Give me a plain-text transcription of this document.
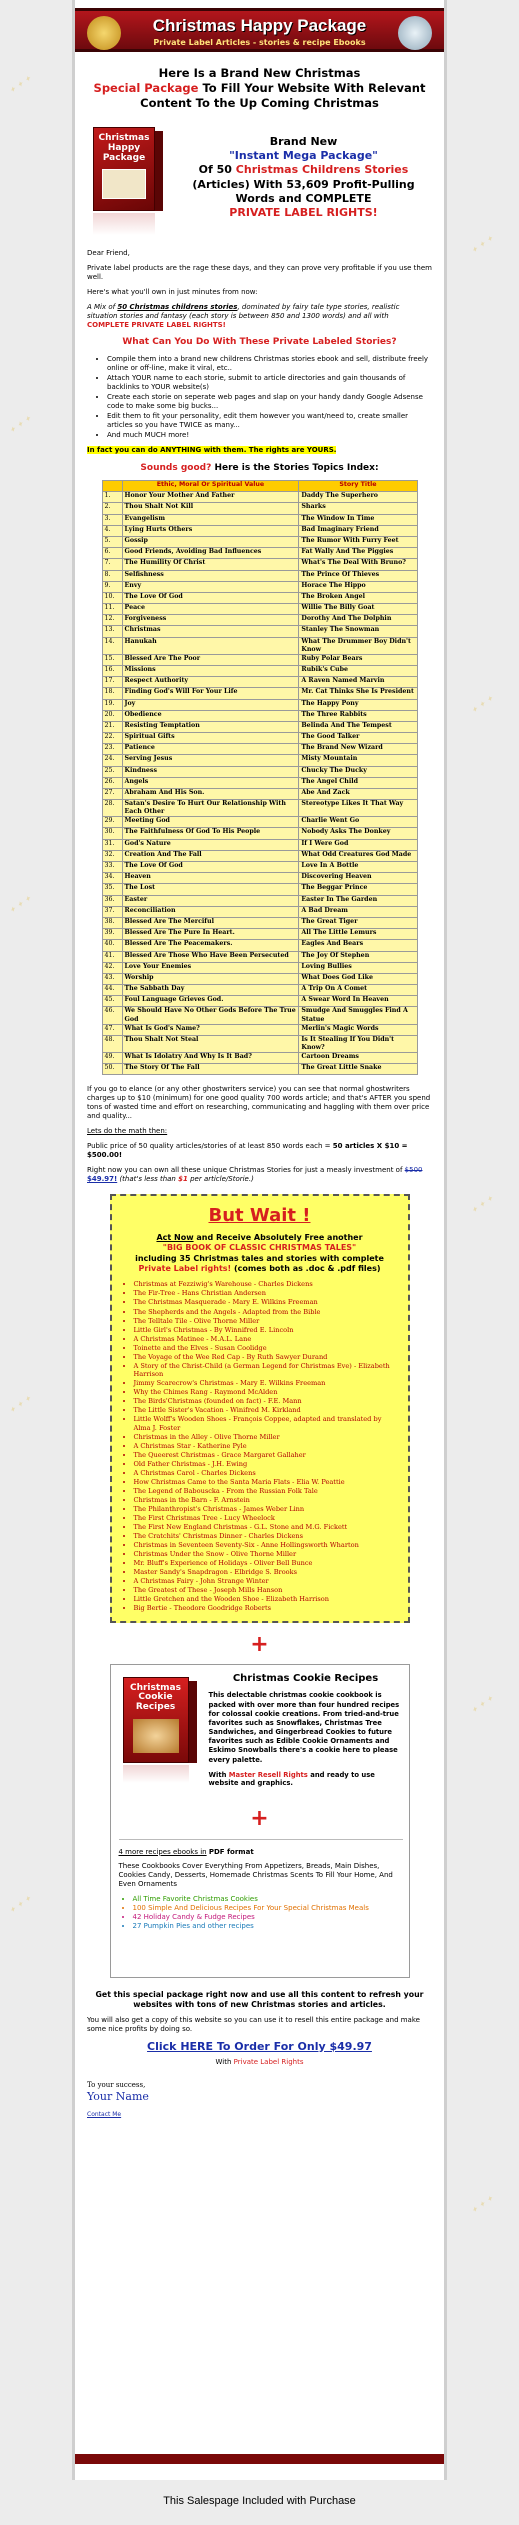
✦ ✦ ✦
✦ ✦ ✦
✦ ✦ ✦
✦ ✦ ✦
✦ ✦ ✦
✦ ✦ ✦
✦ ✦ ✦
✦ ✦ ✦
✦ ✦ ✦
✦ ✦ ✦
Christmas Happy Package
Private Label Articles - stories & recipe Ebooks
Here Is a Brand New Christmas
Special Package To Fill Your Website With Relevant Content To the Up Coming Christmas
Christmas Happy Package
Brand New
"Instant Mega Package"
Of 50 Christmas Childrens Stories
(Articles) With 53,609 Profit-Pulling Words and COMPLETE
PRIVATE LABEL RIGHTS!

Dear Friend,

Private label products are the rage these days, and they can prove very profitable if you use them well.

Here's what you'll own in just minutes from now:

A Mix of 50 Christmas childrens stories, dominated by fairy tale type stories, realistic situation stories and fantasy (each story is between 850 and 1300 words) and all with COMPLETE PRIVATE LABEL RIGHTS!

What Can You Do With These Private Labeled Stories?
• Compile them into a brand new childrens Christmas stories ebook and sell, distribute freely online or off-line, make it viral, etc..
• Attach YOUR name to each storie, submit to article directories and gain thousands of backlinks to YOUR website(s)
• Create each storie on seperate web pages and slap on your handy dandy Google Adsense code to make some big bucks...
• Edit them to fit your personality, edit them however you want/need to, create smaller articles so you have TWICE as many...
• And much MUCH more!

In fact you can do ANYTHING with them. The rights are YOURS.

Sounds good? Here is the Stories Topics Index:
	Ethic, Moral Or Spiritual Value	Story Title
1.	Honor Your Mother And Father	Daddy The Superhero
2.	Thou Shalt Not Kill	Sharks
3.	Evangelism	The Window In Time
4.	Lying Hurts Others	Bad Imaginary Friend
5.	Gossip	The Rumor With Furry Feet
6.	Good Friends, Avoiding Bad Influences	Fat Wally And The Piggies
7.	The Humility Of Christ	What's The Deal With Bruno?
8.	Selfishness	The Prince Of Thieves
9.	Envy	Horace The Hippo
10.	The Love Of God	The Broken Angel
11.	Peace	Willie The Billy Goat
12.	Forgiveness	Dorothy And The Dolphin
13.	Christmas	Stanley The Snowman
14.	Hanukah	What The Drummer Boy Didn't Know
15.	Blessed Are The Poor	Ruby Polar Bears
16.	Missions	Rubik's Cube
17.	Respect Authority	A Raven Named Marvin
18.	Finding God's Will For Your Life	Mr. Cat Thinks She Is President
19.	Joy	The Happy Pony
20.	Obedience	The Three Rabbits
21.	Resisting Temptation	Belinda And The Tempest
22.	Spiritual Gifts	The Good Talker
23.	Patience	The Brand New Wizard
24.	Serving Jesus	Misty Mountain
25.	Kindness	Chucky The Ducky
26.	Angels	The Angel Child
27.	Abraham And His Son.	Abe And Zack
28.	Satan's Desire To Hurt Our Relationship With Each Other	Stereotype Likes It That Way
29.	Meeting God	Charlie Went Go
30.	The Faithfulness Of God To His People	Nobody Asks The Donkey
31.	God's Nature	If I Were God
32.	Creation And The Fall	What Odd Creatures God Made
33.	The Love Of God	Love In A Bottle
34.	Heaven	Discovering Heaven
35.	The Lost	The Beggar Prince
36.	Easter	Easter In The Garden
37.	Reconciliation	A Bad Dream
38.	Blessed Are The Merciful	The Great Tiger
39.	Blessed Are The Pure In Heart.	All The Little Lemurs
40.	Blessed Are The Peacemakers.	Eagles And Bears
41.	Blessed Are Those Who Have Been Persecuted	The Joy Of Stephen
42.	Love Your Enemies	Loving Bullies
43.	Worship	What Does God Like
44.	The Sabbath Day	A Trip On A Comet
45.	Foul Language Grieves God.	A Swear Word In Heaven
46.	We Should Have No Other Gods Before The True God	Smudge And Smuggles Find A Statue
47.	What Is God's Name?	Merlin's Magic Words
48.	Thou Shalt Not Steal	Is It Stealing If You Didn't Know?
49.	What Is Idolatry And Why Is It Bad?	Cartoon Dreams
50.	The Story Of The Fall	The Great Little Snake

If you go to elance (or any other ghostwriters service) you can see that normal ghostwriters charges up to $10 (minimum) for one good quality 700 words article; and that's AFTER you spend tons of wasted time and effort on researching, communicating and haggling with them over price and quality...

Lets do the math then:

Public price of 50 quality articles/stories of at least 850 words each = 50 articles X $10 = $500.00!

Right now you can own all these unique Christmas Stories for just a measly investment of $500 $49.97! (that's less than $1 per article/Storie.)

But Wait !
Act Now and Receive Absolutely Free another
"BIG BOOK OF CLASSIC CHRISTMAS TALES"
including 35 Christmas tales and stories with complete
Private Label rights! (comes both as .doc & .pdf files)
• Christmas at Fezziwig's Warehouse - Charles Dickens
• The Fir-Tree - Hans Christian Andersen
• The Christmas Masquerade - Mary E. Wilkins Freeman
• The Shepherds and the Angels - Adapted from the Bible
• The Telltale Tile - Olive Thorne Miller
• Little Girl's Christmas - By Winnifred E. Lincoln
• A Christmas Matinee - M.A.L. Lane
• Toinette and the Elves - Susan Coolidge
• The Voyage of the Wee Red Cap - By Ruth Sawyer Durand
• A Story of the Christ-Child (a German Legend for Christmas Eve) - Elizabeth Harrison
• Jimmy Scarecrow's Christmas - Mary E. Wilkins Freeman
• Why the Chimes Rang - Raymond McAlden
• The Birds'Christmas (founded on fact) - F.E. Mann
• The Little Sister's Vacation - Winifred M. Kirkland
• Little Wolff's Wooden Shoes - François Coppee, adapted and translated by Alma J. Foster
• Christmas in the Alley - Olive Thorne Miller
• A Christmas Star - Katherine Pyle
• The Queerest Christmas - Grace Margaret Gallaher
• Old Father Christmas - J.H. Ewing
• A Christmas Carol - Charles Dickens
• How Christmas Came to the Santa Maria Flats - Elia W. Peattie
• The Legend of Babouscka - From the Russian Folk Tale
• Christmas in the Barn - F. Arnstein
• The Philanthropist's Christmas - James Weber Linn
• The First Christmas Tree - Lucy Wheelock
• The First New England Christmas - G.L. Stone and M.G. Fickett
• The Cratchits' Christmas Dinner - Charles Dickens
• Christmas in Seventeen Seventy-Six - Anne Hollingsworth Wharton
• Christmas Under the Snow - Olive Thorne Miller
• Mr. Bluff's Experience of Holidays - Oliver Bell Bunce
• Master Sandy's Snapdragon - Elbridge S. Brooks
• A Christmas Fairy - John Strange Winter
• The Greatest of These - Joseph Mills Hanson
• Little Gretchen and the Wooden Shoe - Elizabeth Harrison
• Big Bertie - Theodore Goodridge Roberts
+
Christmas Cookie Recipes
Christmas Cookie Recipes
This delectable christmas cookie cookbook is packed with over more than four hundred recipes for colossal cookie creations. From tried-and-true favorites such as Snowflakes, Christmas Tree Sandwiches, and Gingerbread Cookies to future favorites such as Edible Cookie Ornaments and Eskimo Snowballs there's a cookie here to please every palette.
With Master Resell Rights and ready to use website and graphics.
+

4 more recipes ebooks in PDF format

These Cookbooks Cover Everything From Appetizers, Breads, Main Dishes, Cookies Candy, Desserts, Homemade Christmas Scents To Fill Your Home, And Even Ornaments

• All Time Favorite Christmas Cookies
• 100 Simple And Delicious Recipes For Your Special Christmas Meals
• 42 Holiday Candy & Fudge Recipes
• 27 Pumpkin Pies and other recipes
Get this special package right now and use all this content to refresh your websites with tons of new Christmas stories and articles.

You will also get a copy of this website so you can use it to resell this entire package and make some nice profits by doing so.

Click HERE To Order For Only $49.97
With Private Label Rights
To your success,
Your Name
Contact Me
This Salespage Included with Purchase
